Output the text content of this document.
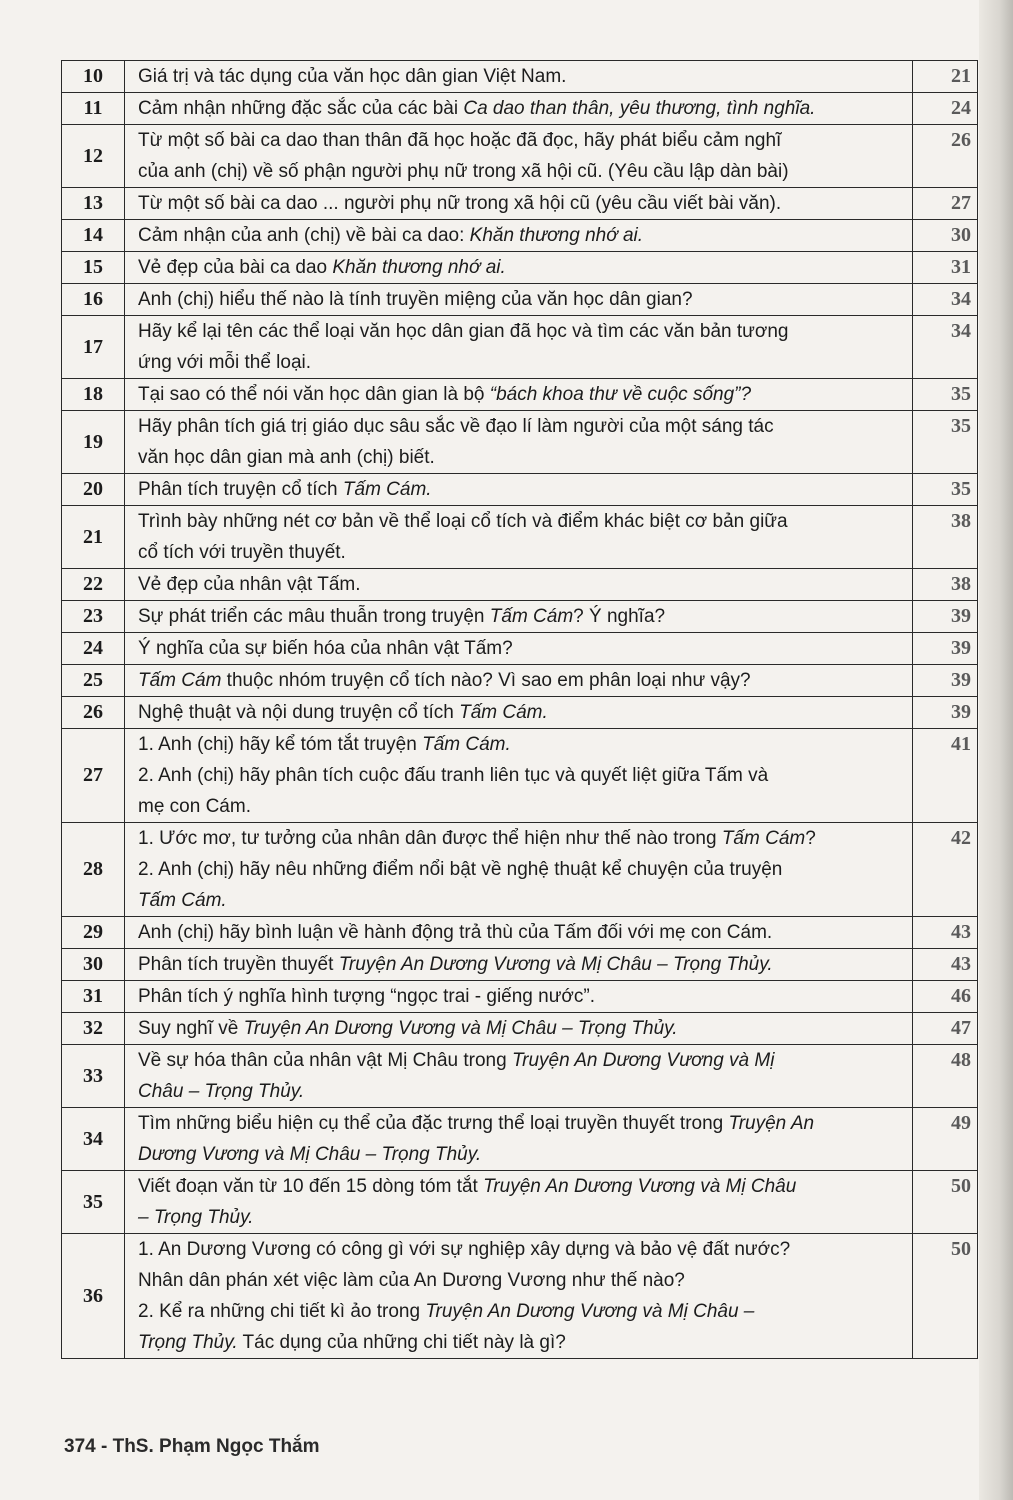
10	Giá trị và tác dụng của văn học dân gian Việt Nam.	21
11	Cảm nhận những đặc sắc của các bài Ca dao than thân, yêu thương, tình nghĩa.	24
12	Từ một số bài ca dao than thân đã học hoặc đã đọc, hãy phát biểu cảm nghĩ
của anh (chị) về số phận người phụ nữ trong xã hội cũ. (Yêu cầu lập dàn bài)	26
13	Từ một số bài ca dao ... người phụ nữ trong xã hội cũ (yêu cầu viết bài văn).	27
14	Cảm nhận của anh (chị) về bài ca dao: Khăn thương nhớ ai.	30
15	Vẻ đẹp của bài ca dao Khăn thương nhớ ai.	31
16	Anh (chị) hiểu thế nào là tính truyền miệng của văn học dân gian?	34
17	Hãy kể lại tên các thể loại văn học dân gian đã học và tìm các văn bản tương
ứng với mỗi thể loại.	34
18	Tại sao có thể nói văn học dân gian là bộ “bách khoa thư về cuộc sống”?	35
19	Hãy phân tích giá trị giáo dục sâu sắc về đạo lí làm người của một sáng tác
văn học dân gian mà anh (chị) biết.	35
20	Phân tích truyện cổ tích Tấm Cám.	35
21	Trình bày những nét cơ bản về thể loại cổ tích và điểm khác biệt cơ bản giữa
cổ tích với truyền thuyết.	38
22	Vẻ đẹp của nhân vật Tấm.	38
23	Sự phát triển các mâu thuẫn trong truyện Tấm Cám? Ý nghĩa?	39
24	Ý nghĩa của sự biến hóa của nhân vật Tấm?	39
25	Tấm Cám thuộc nhóm truyện cổ tích nào? Vì sao em phân loại như vậy?	39
26	Nghệ thuật và nội dung truyện cổ tích Tấm Cám.	39
27	1. Anh (chị) hãy kể tóm tắt truyện Tấm Cám.
2. Anh (chị) hãy phân tích cuộc đấu tranh liên tục và quyết liệt giữa Tấm và
mẹ con Cám.	41
28	1. Ước mơ, tư tưởng của nhân dân được thể hiện như thế nào trong Tấm Cám?
2. Anh (chị) hãy nêu những điểm nổi bật về nghệ thuật kể chuyện của truyện
Tấm Cám.	42
29	Anh (chị) hãy bình luận về hành động trả thù của Tấm đối với mẹ con Cám.	43
30	Phân tích truyền thuyết Truyện An Dương Vương và Mị Châu – Trọng Thủy.	43
31	Phân tích ý nghĩa hình tượng “ngọc trai - giếng nước”.	46
32	Suy nghĩ về Truyện An Dương Vương và Mị Châu – Trọng Thủy.	47
33	Về sự hóa thân của nhân vật Mị Châu trong Truyện An Dương Vương và Mị
Châu – Trọng Thủy.	48
34	Tìm những biểu hiện cụ thể của đặc trưng thể loại truyền thuyết trong Truyện An
Dương Vương và Mị Châu – Trọng Thủy.	49
35	Viết đoạn văn từ 10 đến 15 dòng tóm tắt Truyện An Dương Vương và Mị Châu
– Trọng Thủy.	50
36	1. An Dương Vương có công gì với sự nghiệp xây dựng và bảo vệ đất nước?
Nhân dân phán xét việc làm của An Dương Vương như thế nào?
2. Kể ra những chi tiết kì ảo trong Truyện An Dương Vương và Mị Châu –
Trọng Thủy. Tác dụng của những chi tiết này là gì?	50
374 - ThS. Phạm Ngọc Thắm
